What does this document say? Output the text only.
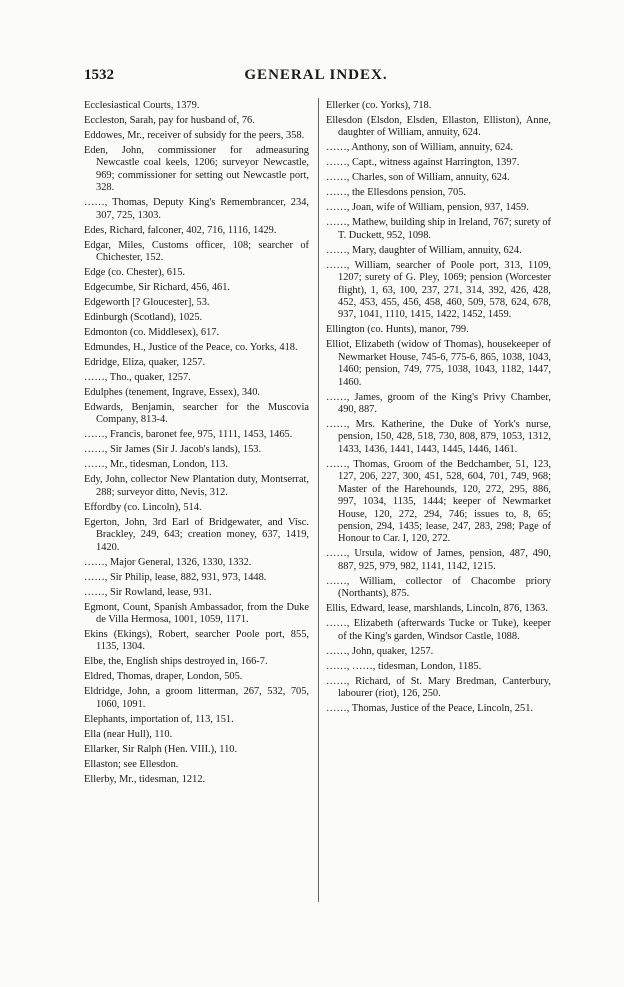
1532	GENERAL INDEX.

Ecclesiastical Courts, 1379.

Eccleston, Sarah, pay for husband of, 76.

Eddowes, Mr., receiver of subsidy for the peers, 358.

Eden, John, commissioner for admeasuring Newcastle coal keels, 1206; surveyor Newcastle, 969; commissioner for setting out Newcastle port, 328.

……, Thomas, Deputy King's Remembrancer, 234, 307, 725, 1303.

Edes, Richard, falconer, 402, 716, 1116, 1429.

Edgar, Miles, Customs officer, 108; searcher of Chichester, 152.

Edge (co. Chester), 615.

Edgecumbe, Sir Richard, 456, 461.

Edgeworth [? Gloucester], 53.

Edinburgh (Scotland), 1025.

Edmonton (co. Middlesex), 617.

Edmundes, H., Justice of the Peace, co. Yorks, 418.

Edridge, Eliza, quaker, 1257.

……, Tho., quaker, 1257.

Edulphes (tenement, Ingrave, Essex), 340.

Edwards, Benjamin, searcher for the Muscovia Company, 813-4.

……, Francis, baronet fee, 975, 1111, 1453, 1465.

……, Sir James (Sir J. Jacob's lands), 153.

……, Mr., tidesman, London, 113.

Edy, John, collector New Plantation duty, Montserrat, 288; surveyor ditto, Nevis, 312.

Effordby (co. Lincoln), 514.

Egerton, John, 3rd Earl of Bridgewater, and Visc. Brackley, 249, 643; creation money, 637, 1419, 1420.

……, Major General, 1326, 1330, 1332.

……, Sir Philip, lease, 882, 931, 973, 1448.

……, Sir Rowland, lease, 931.

Egmont, Count, Spanish Ambassador, from the Duke de Villa Hermosa, 1001, 1059, 1171.

Ekins (Ekings), Robert, searcher Poole port, 855, 1135, 1304.

Elbe, the, English ships destroyed in, 166-7.

Eldred, Thomas, draper, London, 505.

Eldridge, John, a groom litterman, 267, 532, 705, 1060, 1091.

Elephants, importation of, 113, 151.

Ella (near Hull), 110.

Ellarker, Sir Ralph (Hen. VIII.), 110.

Ellaston; see Ellesdon.

Ellerby, Mr., tidesman, 1212.

Ellerker (co. Yorks), 718.

Ellesdon (Elsdon, Elsden, Ellaston, Elliston), Anne, daughter of William, annuity, 624.

……, Anthony, son of William, annuity, 624.

……, Capt., witness against Harrington, 1397.

……, Charles, son of William, annuity, 624.

……, the Ellesdons pension, 705.

……, Joan, wife of William, pension, 937, 1459.

……, Mathew, building ship in Ireland, 767; surety of T. Duckett, 952, 1098.

……, Mary, daughter of William, annuity, 624.

……, William, searcher of Poole port, 313, 1109, 1207; surety of G. Pley, 1069; pension (Worcester flight), 1, 63, 100, 237, 271, 314, 392, 426, 428, 452, 453, 455, 456, 458, 460, 509, 578, 624, 678, 937, 1041, 1110, 1415, 1422, 1452, 1459.

Ellington (co. Hunts), manor, 799.

Elliot, Elizabeth (widow of Thomas), housekeeper of Newmarket House, 745-6, 775-6, 865, 1038, 1043, 1460; pension, 749, 775, 1038, 1043, 1182, 1447, 1460.

……, James, groom of the King's Privy Chamber, 490, 887.

……, Mrs. Katherine, the Duke of York's nurse, pension, 150, 428, 518, 730, 808, 879, 1053, 1312, 1433, 1436, 1441, 1443, 1445, 1446, 1461.

……, Thomas, Groom of the Bedchamber, 51, 123, 127, 206, 227, 300, 451, 528, 604, 701, 749, 968; Master of the Harehounds, 120, 272, 295, 886, 997, 1034, 1135, 1444; keeper of Newmarket House, 120, 272, 294, 746; issues to, 8, 65; pension, 294, 1435; lease, 247, 283, 298; Page of Honour to Car. I, 120, 272.

……, Ursula, widow of James, pension, 487, 490, 887, 925, 979, 982, 1141, 1142, 1215.

……, William, collector of Chacombe priory (Northants), 875.

Ellis, Edward, lease, marshlands, Lincoln, 876, 1363.

……, Elizabeth (afterwards Tucke or Tuke), keeper of the King's garden, Windsor Castle, 1088.

……, John, quaker, 1257.

……, ……, tidesman, London, 1185.

……, Richard, of St. Mary Bredman, Canterbury, labourer (riot), 126, 250.

……, Thomas, Justice of the Peace, Lincoln, 251.
